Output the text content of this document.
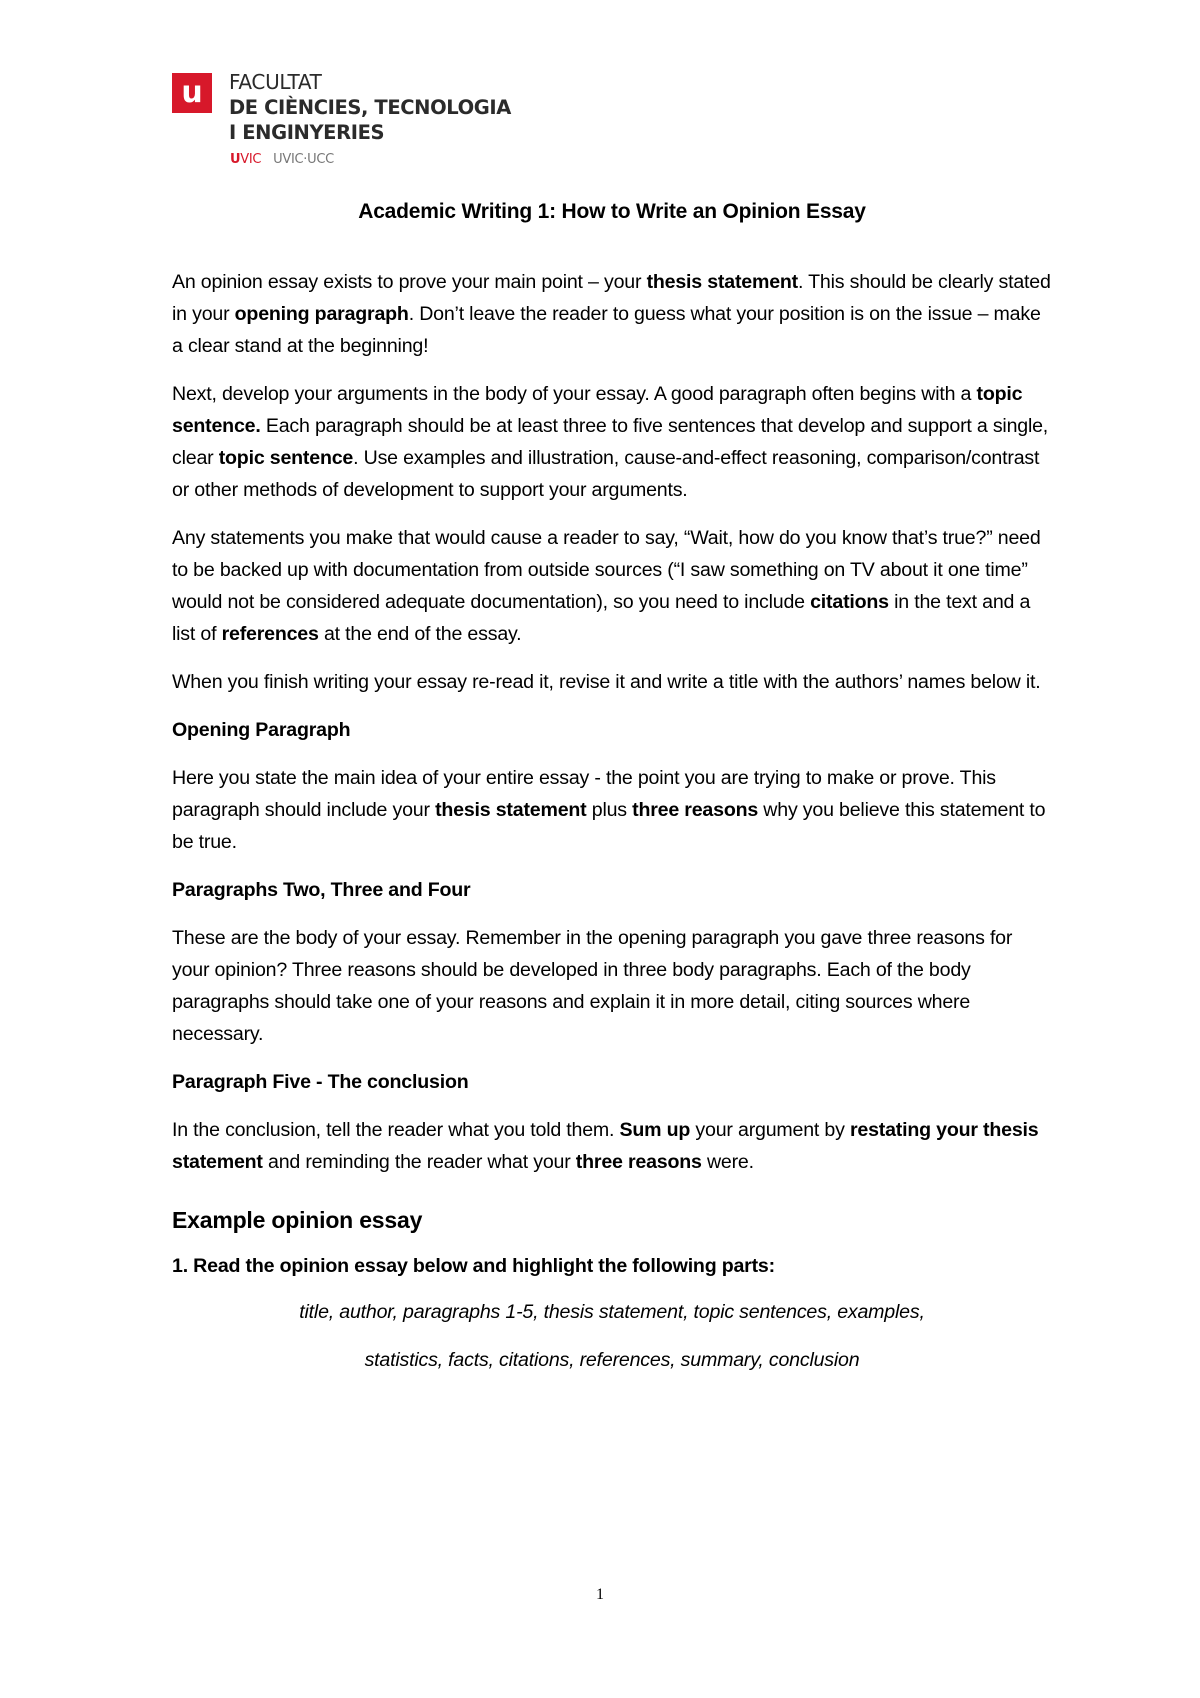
u	FACULTAT
DE CIÈNCIES, TECNOLOGIA
I ENGINYERIES
UVIC UVIC·UCC
Academic Writing 1: How to Write an Opinion Essay

An opinion essay exists to prove your main point – your thesis statement. This should be clearly stated in your opening paragraph. Don’t leave the reader to guess what your position is on the issue – make a clear stand at the beginning!

Next, develop your arguments in the body of your essay. A good paragraph often begins with a topic sentence. Each paragraph should be at least three to five sentences that develop and support a single, clear topic sentence. Use examples and illustration, cause-and-effect reasoning, comparison/contrast or other methods of development to support your arguments.

Any statements you make that would cause a reader to say, “Wait, how do you know that’s true?” need to be backed up with documentation from outside sources (“I saw something on TV about it one time” would not be considered adequate documentation), so you need to include citations in the text and a list of references at the end of the essay.

When you finish writing your essay re-read it, revise it and write a title with the authors’ names below it.

Opening Paragraph

Here you state the main idea of your entire essay - the point you are trying to make or prove. This paragraph should include your thesis statement plus three reasons why you believe this statement to be true.

Paragraphs Two, Three and Four

These are the body of your essay. Remember in the opening paragraph you gave three reasons for your opinion? Three reasons should be developed in three body paragraphs. Each of the body paragraphs should take one of your reasons and explain it in more detail, citing sources where necessary.

Paragraph Five - The conclusion

In the conclusion, tell the reader what you told them. Sum up your argument by restating your thesis statement and reminding the reader what your three reasons were.

Example opinion essay
1. Read the opinion essay below and highlight the following parts:
title, author, paragraphs 1-5, thesis statement, topic sentences, examples,
statistics, facts, citations, references, summary, conclusion
1
